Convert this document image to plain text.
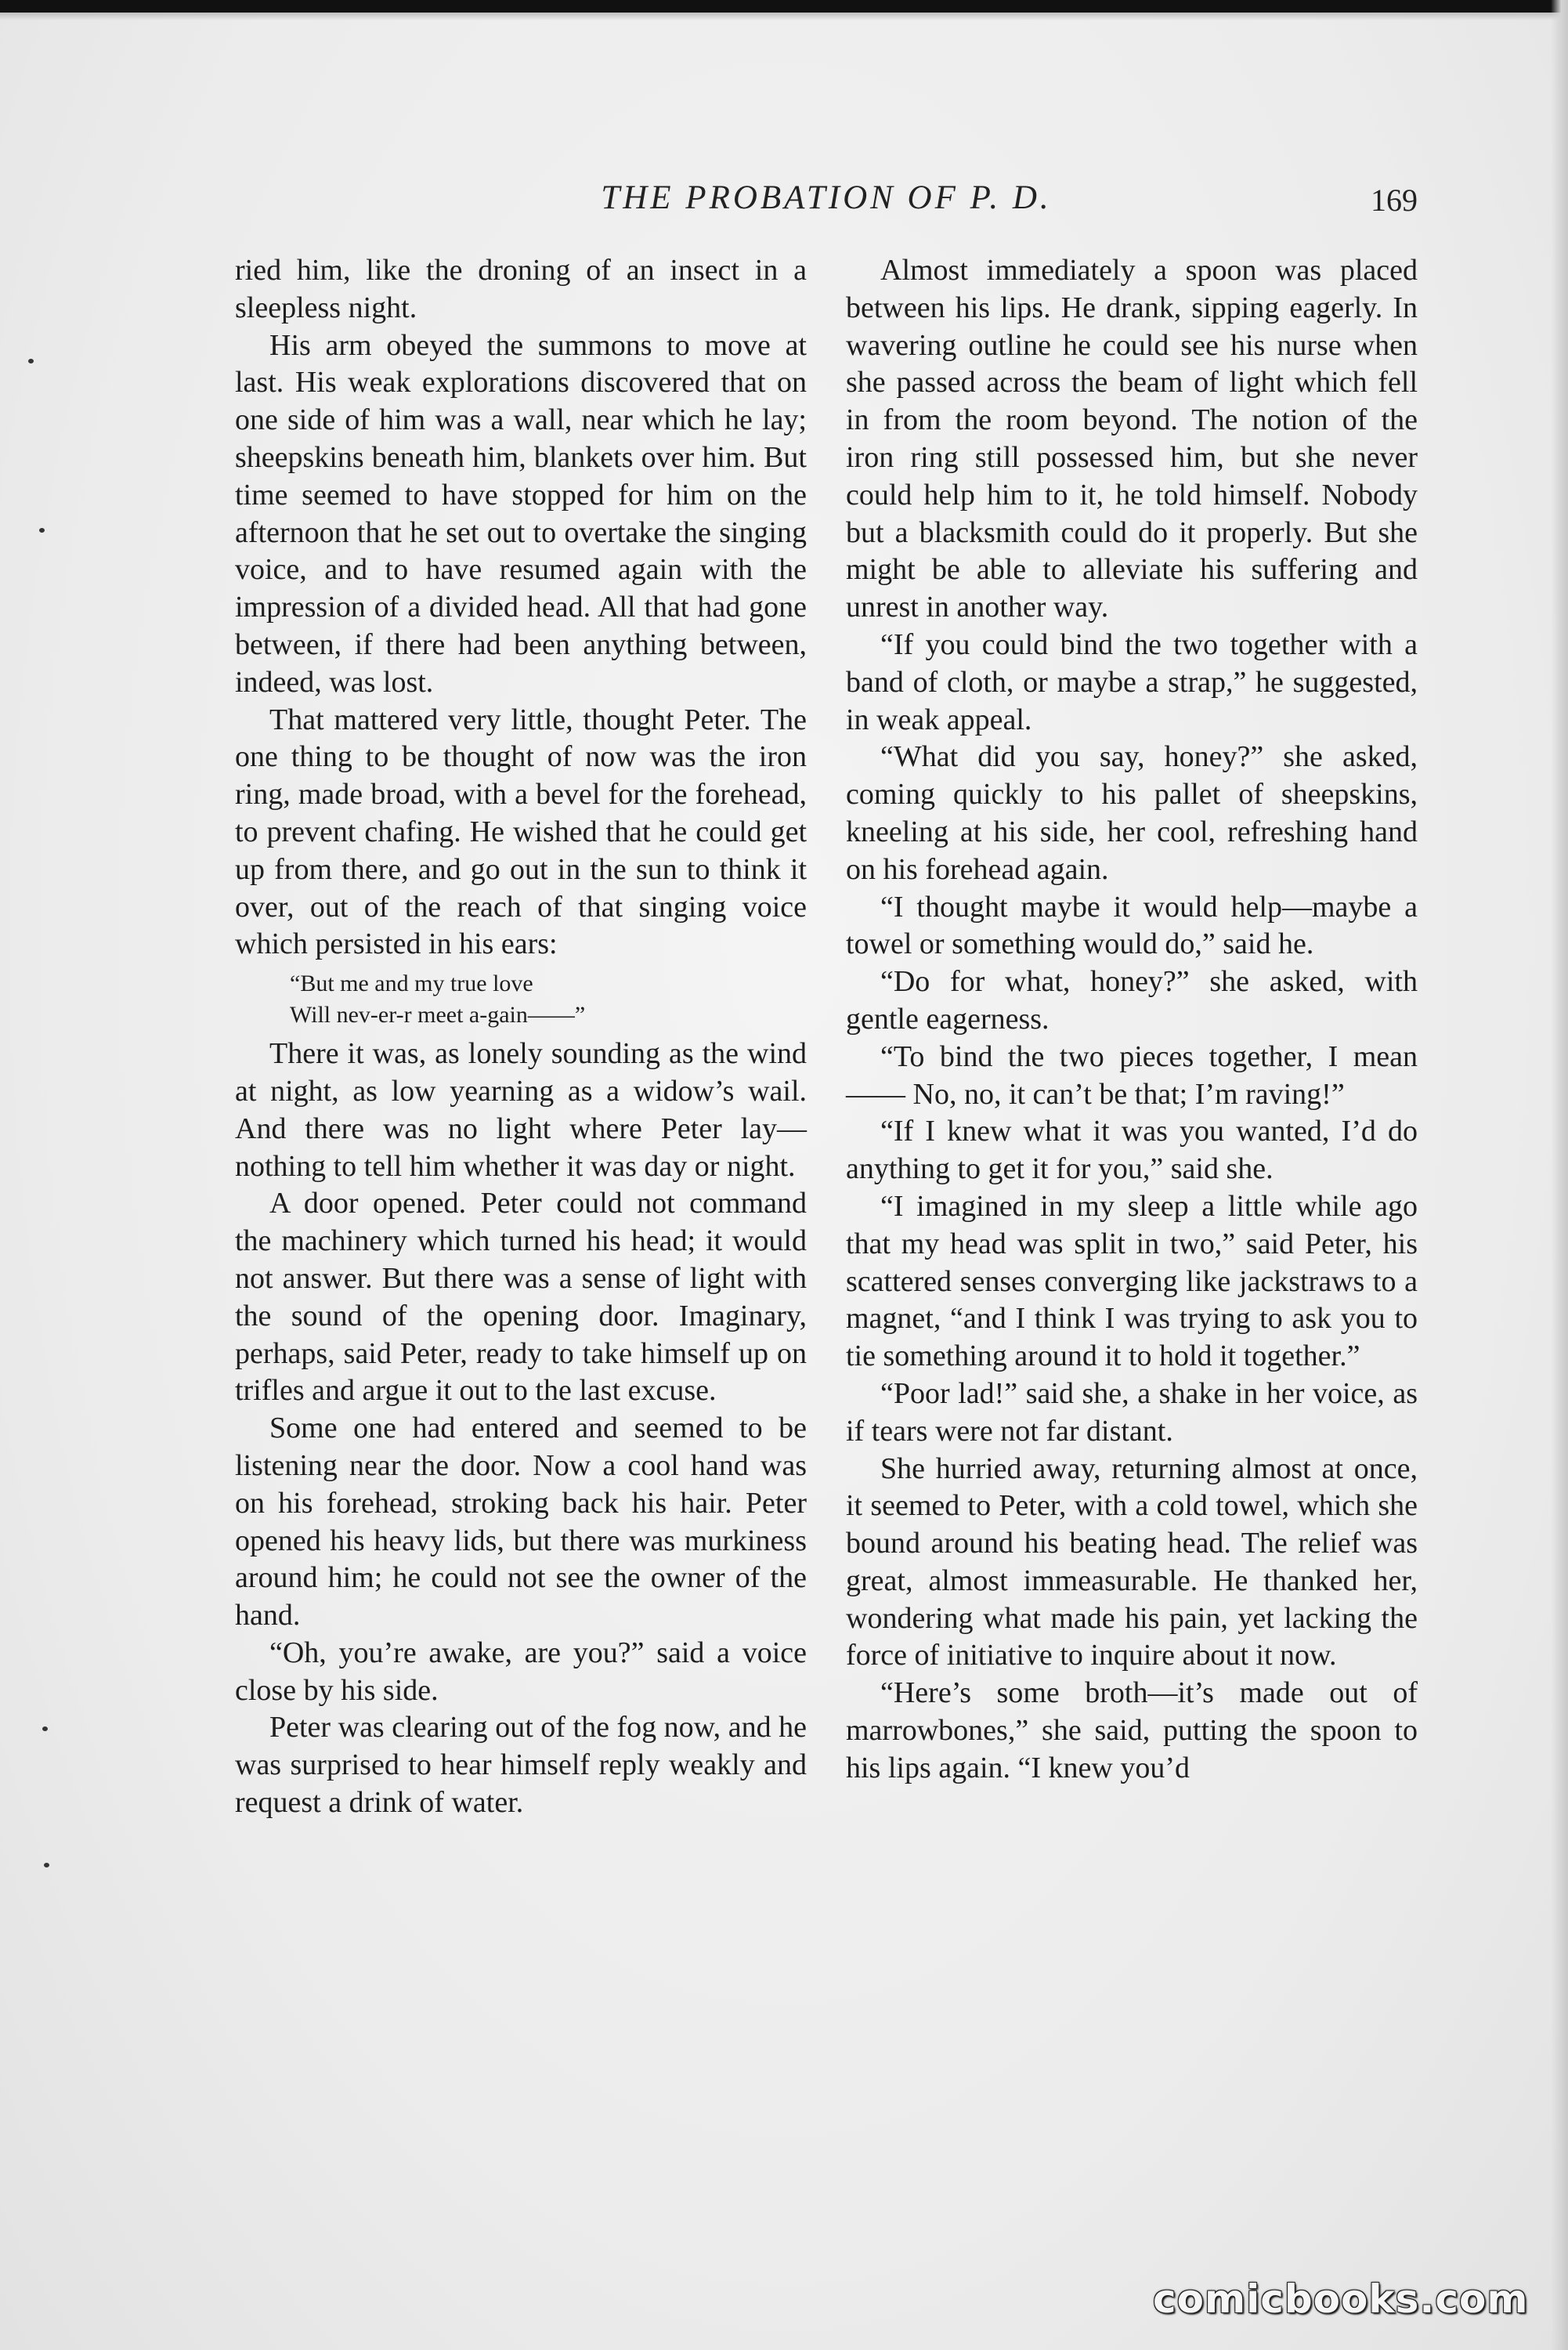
THE PROBATION OF P. D.	169

ried him, like the droning of an insect in a sleepless night.

His arm obeyed the summons to move at last. His weak explorations discovered that on one side of him was a wall, near which he lay; sheepskins beneath him, blankets over him. But time seemed to have stopped for him on the afternoon that he set out to overtake the singing voice, and to have resumed again with the impression of a divided head. All that had gone between, if there had been anything between, indeed, was lost.

That mattered very little, thought Peter. The one thing to be thought of now was the iron ring, made broad, with a bevel for the forehead, to prevent chafing. He wished that he could get up from there, and go out in the sun to think it over, out of the reach of that singing voice which persisted in his ears:

“But me and my true love
Will nev-er-r meet a-gain——”

There it was, as lonely sounding as the wind at night, as low yearning as a widow’s wail. And there was no light where Peter lay—nothing to tell him whether it was day or night.

A door opened. Peter could not command the machinery which turned his head; it would not answer. But there was a sense of light with the sound of the opening door. Imaginary, perhaps, said Peter, ready to take himself up on trifles and argue it out to the last excuse.

Some one had entered and seemed to be listening near the door. Now a cool hand was on his forehead, stroking back his hair. Peter opened his heavy lids, but there was murkiness around him; he could not see the owner of the hand.

“Oh, you’re awake, are you?” said a voice close by his side.

Peter was clearing out of the fog now, and he was surprised to hear himself reply weakly and request a drink of water.

Almost immediately a spoon was placed between his lips. He drank, sipping eagerly. In wavering outline he could see his nurse when she passed across the beam of light which fell in from the room beyond. The notion of the iron ring still possessed him, but she never could help him to it, he told himself. Nobody but a blacksmith could do it properly. But she might be able to alleviate his suffering and unrest in another way.

“If you could bind the two together with a band of cloth, or maybe a strap,” he suggested, in weak appeal.

“What did you say, honey?” she asked, coming quickly to his pallet of sheepskins, kneeling at his side, her cool, refreshing hand on his forehead again.

“I thought maybe it would help—maybe a towel or something would do,” said he.

“Do for what, honey?” she asked, with gentle eagerness.

“To bind the two pieces together, I mean—— No, no, it can’t be that; I’m raving!”

“If I knew what it was you wanted, I’d do anything to get it for you,” said she.

“I imagined in my sleep a little while ago that my head was split in two,” said Peter, his scattered senses converging like jackstraws to a magnet, “and I think I was trying to ask you to tie something around it to hold it together.”

“Poor lad!” said she, a shake in her voice, as if tears were not far distant.

She hurried away, returning almost at once, it seemed to Peter, with a cold towel, which she bound around his beating head. The relief was great, almost immeasurable. He thanked her, wondering what made his pain, yet lacking the force of initiative to inquire about it now.

“Here’s some broth—it’s made out of marrowbones,” she said, putting the spoon to his lips again. “I knew you’d

comicbooks.com
